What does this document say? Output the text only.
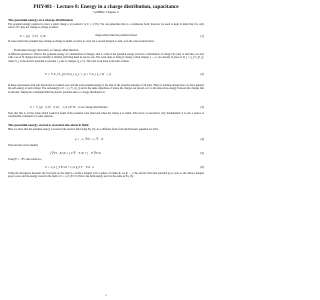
PHY481 - Lecture 8: Energy in a charge distribution, capacitance
Griffiths: Chapter 2
The potential energy of a charge distribution
The potential energy required to place a small charge q at position ⃗r is U = q V(⃗r). We can generalize this to a continuous form; however we need to keep in mind that it is only correct if ⃗r does not change as charge is added.
U = ∫ ρ(⃗r) V(⃗r) dτ	charge added when the potential is fixed	(1)
In cases where the potential does change as charge is added, we have to carry out a second integral to sum, as in the cases treated below.
Potential energy stored in a charge distribution
A different question is: What is the potential energy of a distribution of charges, that is, what is the potential energy stored in a distribution of charge? In order to find this, we start with a set of N charges that are initially at infinity and bring them in one by one. The work done to bring in charge j when charges 1 ... j-1 are already in place is W_j = q_j V_j(⃗r_j), where V_j is the electric potential at position r_j due to charges Q_i, i<j. The total work done is the sum of these.
U = ½ Σ_i Σ_{j≠i} k q_i q_j / r_ij = ½ Σ_i q_i V(⃗r_i)	(2)
In these expressions each pair interaction is counted once and the total potential energy is the sum of the potential energies of all pairs. There is nothing strange here; we have ignored the self-energy of each charge. The self-energy is U = q_i V_i(r_i) and is the same regardless of where the charges are placed, so it is the interaction energy between the charges that is relevant. Taking the continuum limit the electric potential due to a charge distribution is
U = ½ ∫ ρ(⃗r) V(⃗r) dτ ;   ε₀/2 ∫ E² dτ   so as charge distribution	(3)
Note that this is 1/2 the value which would be found if the potential were fixed and when the charge q is added. This factor of one-half is very fundamental; it is also a source of considerable confusion for some students.
The potential energy stored is stored in the electric field
Here we show that the potential energy is stored in the electric field using Eq. (3). As a different form, from the Poisson's equation we write
ρ = −ε₀ ∇²V = ε₀ ∇·⃗E	(4)
Then use the vector identity
∫ ∇·(V⃗E) dτ = ∫ V ∇·⃗E dτ + ∫ ⃗E·∇V dτ	(5)
Using ⃗E = −∇V, this reduces to
U = ε₀/2 ∫_V E² dτ + ε₀/2 ∮_S V ⃗E·d⃗a	(6)
Using the divergence theorem, the first term on the right is a surface integral over a sphere of radius R. As R → ∞ the electric field and potential go to zero so the surface integral goes to zero and the energy stored in the field is U = ε₀/2 ∫ E² dτ. This is the field energy and it is the same as Eq. (3).
1
